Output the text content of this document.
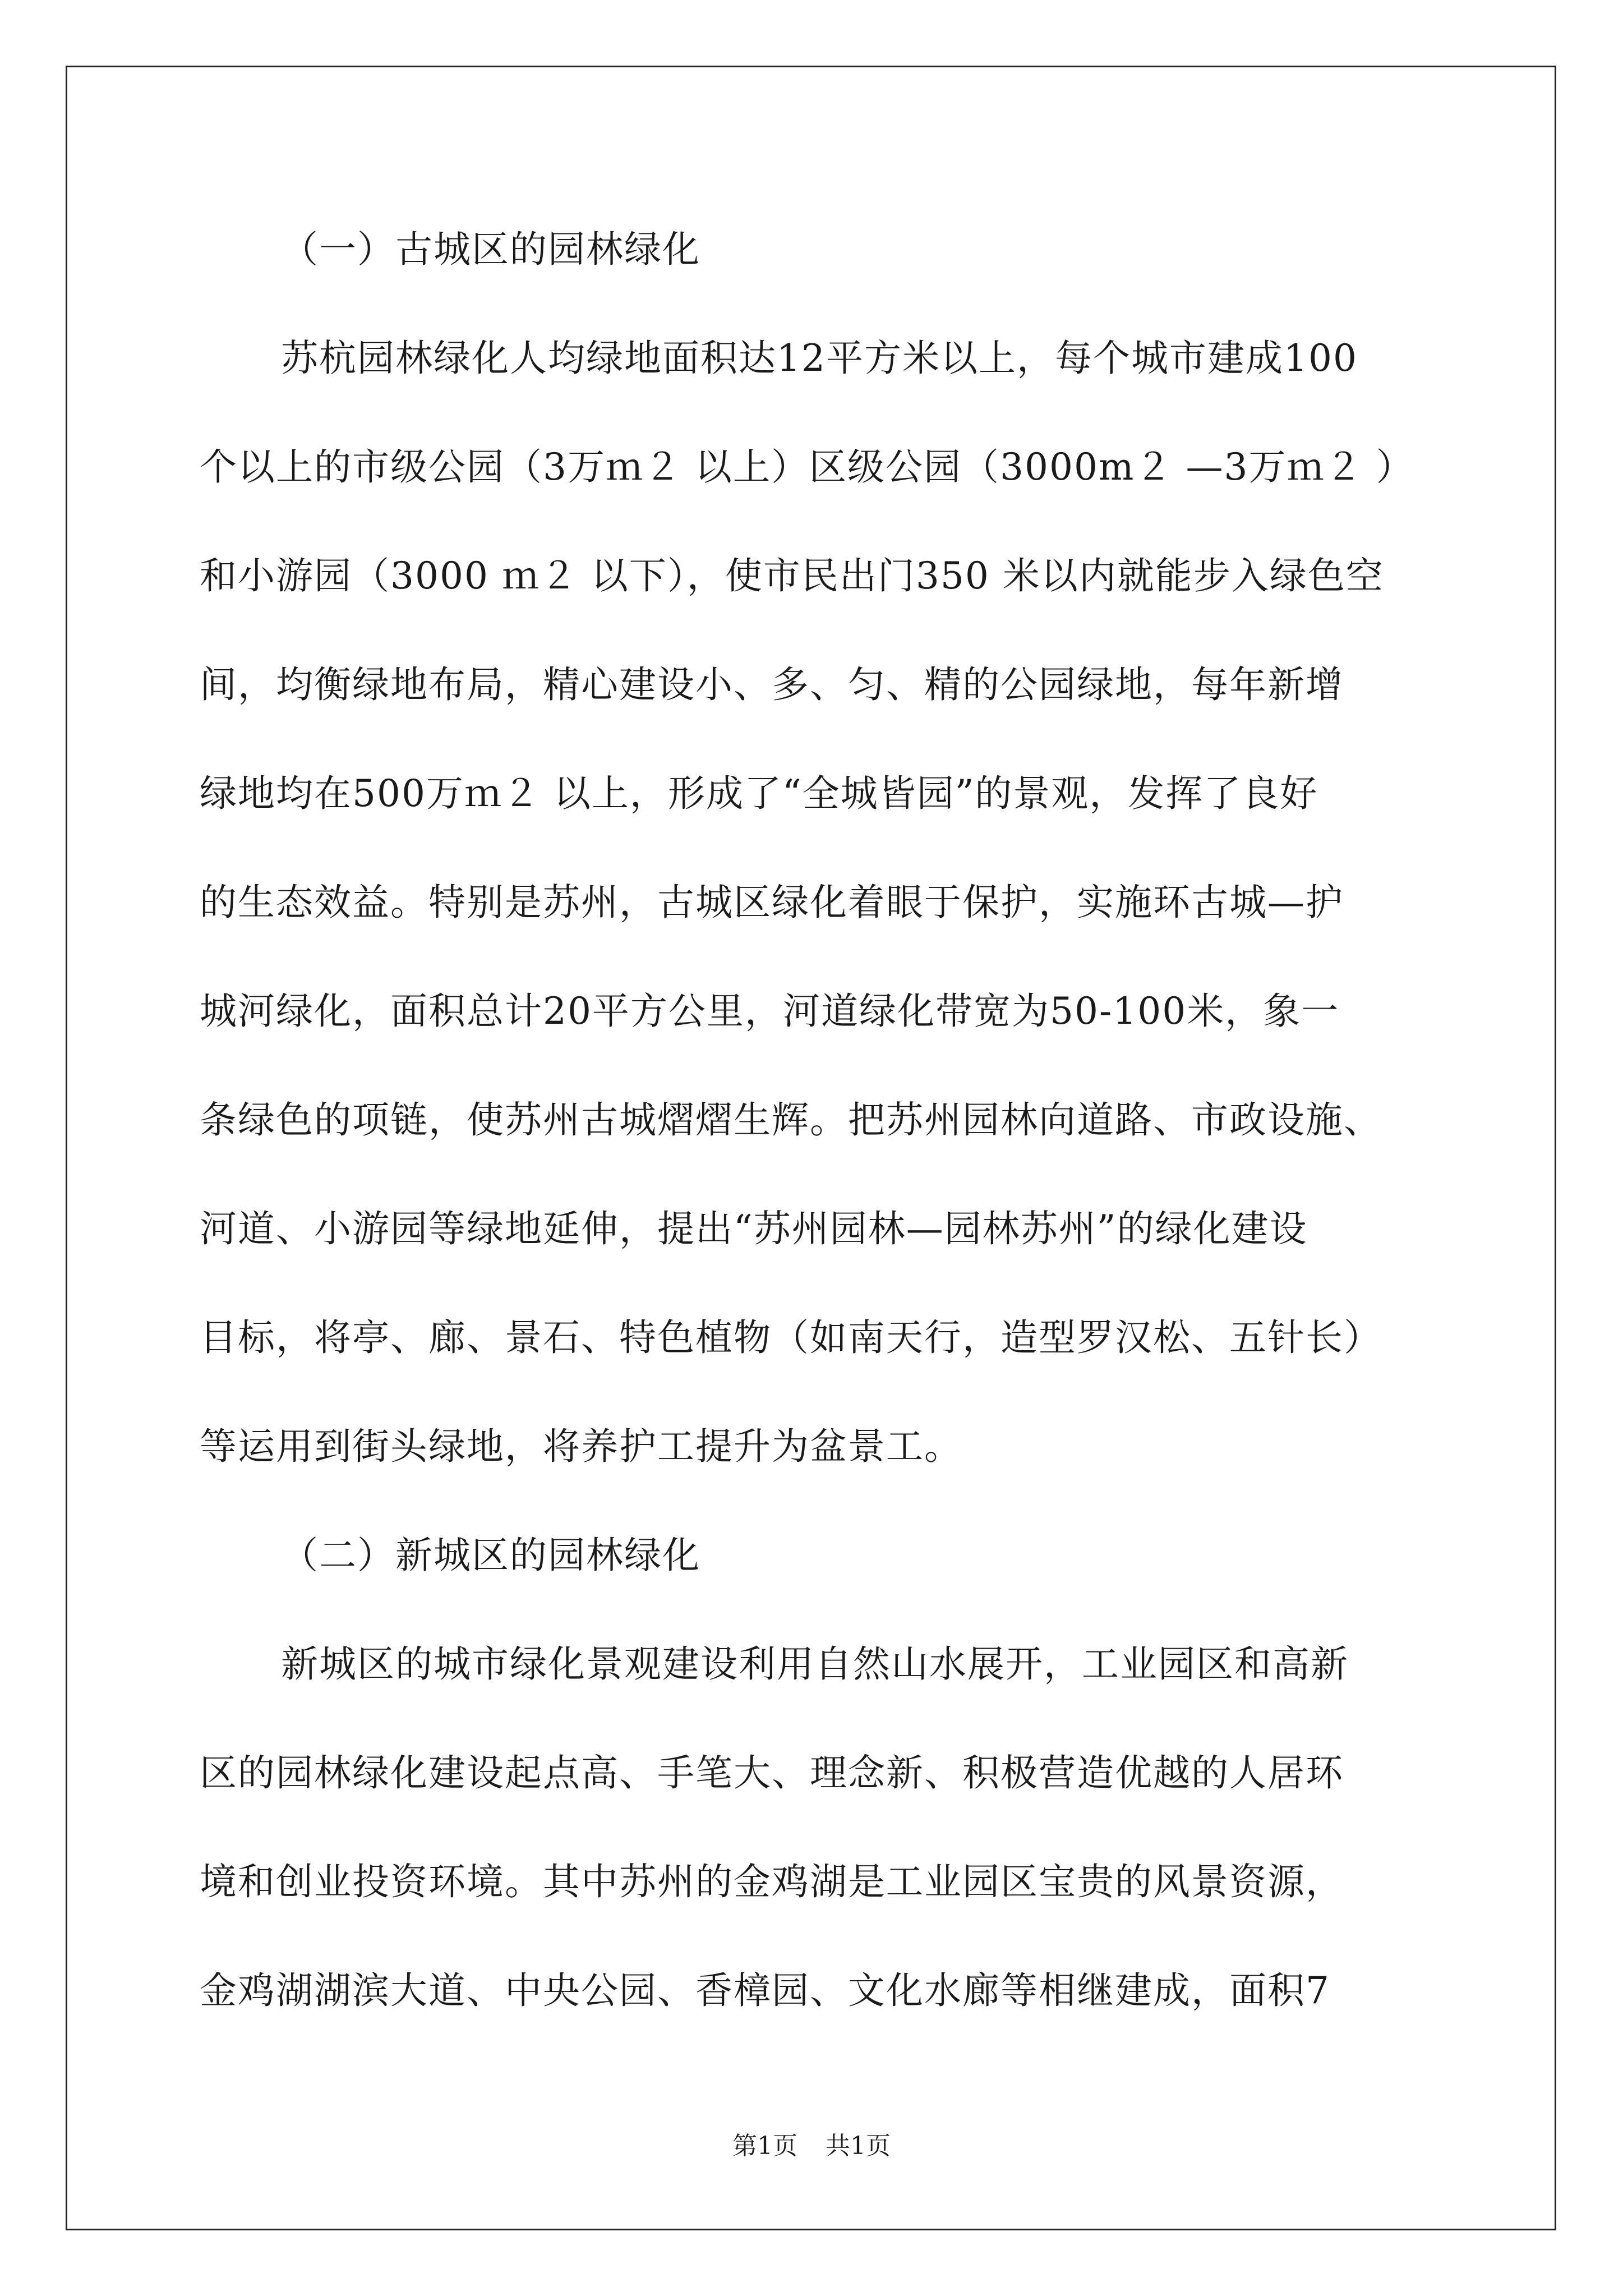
（一）古城区的园林绿化
苏杭园林绿化人均绿地面积达12平方米以上，每个城市建成100
个以上的市级公园（3万ｍ２ 以上）区级公园（3000m２ —3万ｍ２ ）
和小游园（3000 ｍ２ 以下），使市民出门350 米以内就能步入绿色空
间，均衡绿地布局，精心建设小、多、匀、精的公园绿地，每年新增
绿地均在500万ｍ２ 以上，形成了“全城皆园”的景观，发挥了良好
的生态效益。特别是苏州，古城区绿化着眼于保护，实施环古城—护
城河绿化，面积总计20平方公里，河道绿化带宽为50-100米，象一
条绿色的项链，使苏州古城熠熠生辉。把苏州园林向道路、市政设施、
河道、小游园等绿地延伸，提出“苏州园林—园林苏州”的绿化建设
目标，将亭、廊、景石、特色植物（如南天行，造型罗汉松、五针长）
等运用到街头绿地，将养护工提升为盆景工。
（二）新城区的园林绿化
新城区的城市绿化景观建设利用自然山水展开，工业园区和高新
区的园林绿化建设起点高、手笔大、理念新、积极营造优越的人居环
境和创业投资环境。其中苏州的金鸡湖是工业园区宝贵的风景资源，
金鸡湖湖滨大道、中央公园、香樟园、文化水廊等相继建成，面积7
第1页 共1页
